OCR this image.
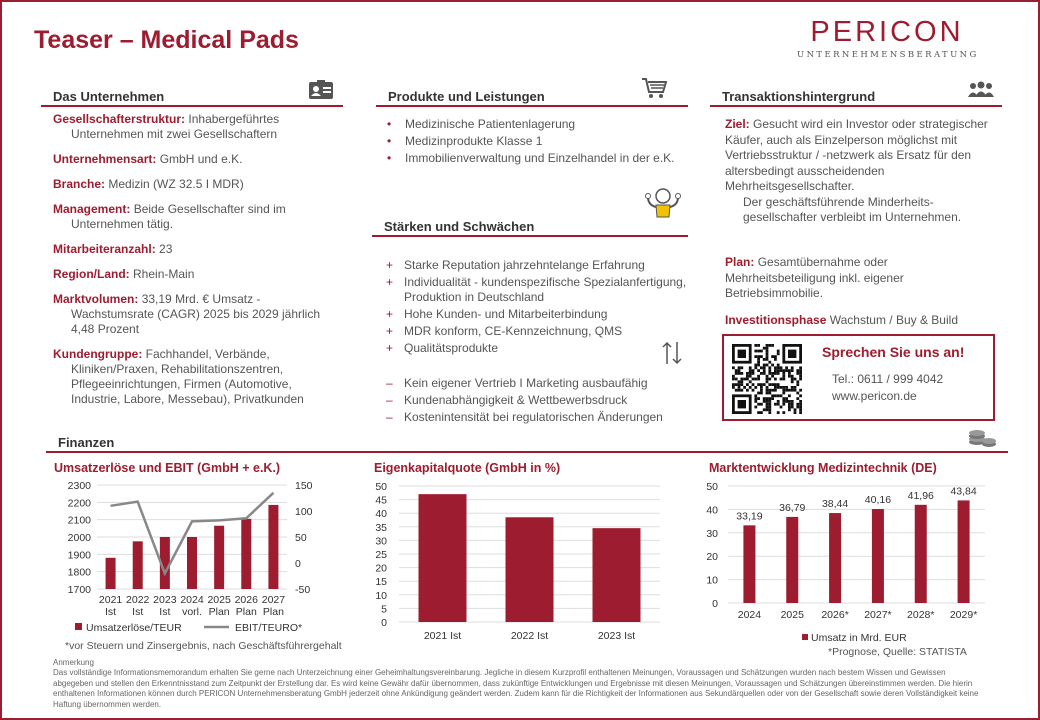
Teaser – Medical Pads	PERICON
UNTERNEHMENSBERATUNG
Das Unternehmen
Gesellschafterstruktur: Inhabergeführtes
Unternehmen mit zwei Gesellschaftern
Unternehmensart: GmbH und e.K.
Branche: Medizin (WZ 32.5 I MDR)
Management: Beide Gesellschafter sind im
Unternehmen tätig.
Mitarbeiteranzahl: 23
Region/Land: Rhein-Main
Marktvolumen: 33,19 Mrd. € Umsatz -
Wachstumsrate (CAGR) 2025 bis 2029 jährlich 4,48 Prozent
Kundengruppe: Fachhandel, Verbände,
Kliniken/Praxen, Rehabilitationszentren, Pflegeeinrichtungen, Firmen (Automotive, Industrie, Labore, Messebau), Privatkunden
Produkte und Leistungen
• Medizinische Patientenlagerung
• Medizinprodukte Klasse 1
• Immobilienverwaltung und Einzelhandel in der e.K.
Stärken und Schwächen
+ Starke Reputation jahrzehntelange Erfahrung
+ Individualität - kundenspezifische Spezialanfertigung, Produktion in Deutschland
+ Hohe Kunden- und Mitarbeiterbindung
+ MDR konform, CE-Kennzeichnung, QMS
+ Qualitätsprodukte
– Kein eigener Vertrieb I Marketing ausbaufähig
– Kundenabhängigkeit & Wettbewerbsdruck
– Kostenintensität bei regulatorischen Änderungen
Transaktionshintergrund
Ziel: Gesucht wird ein Investor oder strategischer Käufer, auch als Einzelperson möglichst mit Vertriebsstruktur / -netzwerk als Ersatz für den altersbedingt ausscheidenden Mehrheitsgesellschafter.
Der geschäftsführende Minderheits-gesellschafter verbleibt im Unternehmen.
Plan: Gesamtübernahme oder Mehrheitsbeteiligung inkl. eigener Betriebsimmobilie.
Investitionsphase Wachstum / Buy & Build
Sprechen Sie uns an!
Tel.: 0611 / 999 4042
www.pericon.de
Finanzen
Umsatzerlöse und EBIT (GmbH + e.K.)
1700
1800
1900
2000
2100
2200
2300
-50
0
50
100
150
2021
Ist
2022
Ist
2023
Ist
2024
vorl.
2025
Plan
2026
Plan
2027
Plan
Umsatzerlöse/TEUR	EBIT/TEURO*
*vor Steuern und Zinsergebnis, nach Geschäftsführergehalt
Eigenkapitalquote (GmbH in %)
0
5
10
15
20
25
30
35
40
45
50
2021 Ist	2022 Ist	2023 Ist
Marktentwicklung Medizintechnik (DE)
0
10
20
30
40
50
33,19
2024
36,79
2025
38,44
2026*
40,16
2027*
41,96
2028*
43,84
2029*
Umsatz in Mrd. EUR
*Prognose, Quelle: STATISTA
Anmerkung
Das vollständige Informationsmemorandum erhalten Sie gerne nach Unterzeichnung einer Geheimhaltungsvereinbarung. Jegliche in diesem Kurzprofil enthaltenen Meinungen, Voraussagen und Schätzungen wurden nach bestem Wissen und Gewissen abgegeben und stellen den Erkenntnisstand zum Zeitpunkt der Erstellung dar. Es wird keine Gewähr dafür übernommen, dass zukünftige Entwicklungen und Ergebnisse mit diesen Meinungen, Voraussagen und Schätzungen übereinstimmen werden. Die hierin enthaltenen Informationen können durch PERICON Unternehmensberatung GmbH jederzeit ohne Ankündigung geändert werden. Zudem kann für die Richtigkeit der Informationen aus Sekundärquellen oder von der Gesellschaft sowie deren Vollständigkeit keine Haftung übernommen werden.
